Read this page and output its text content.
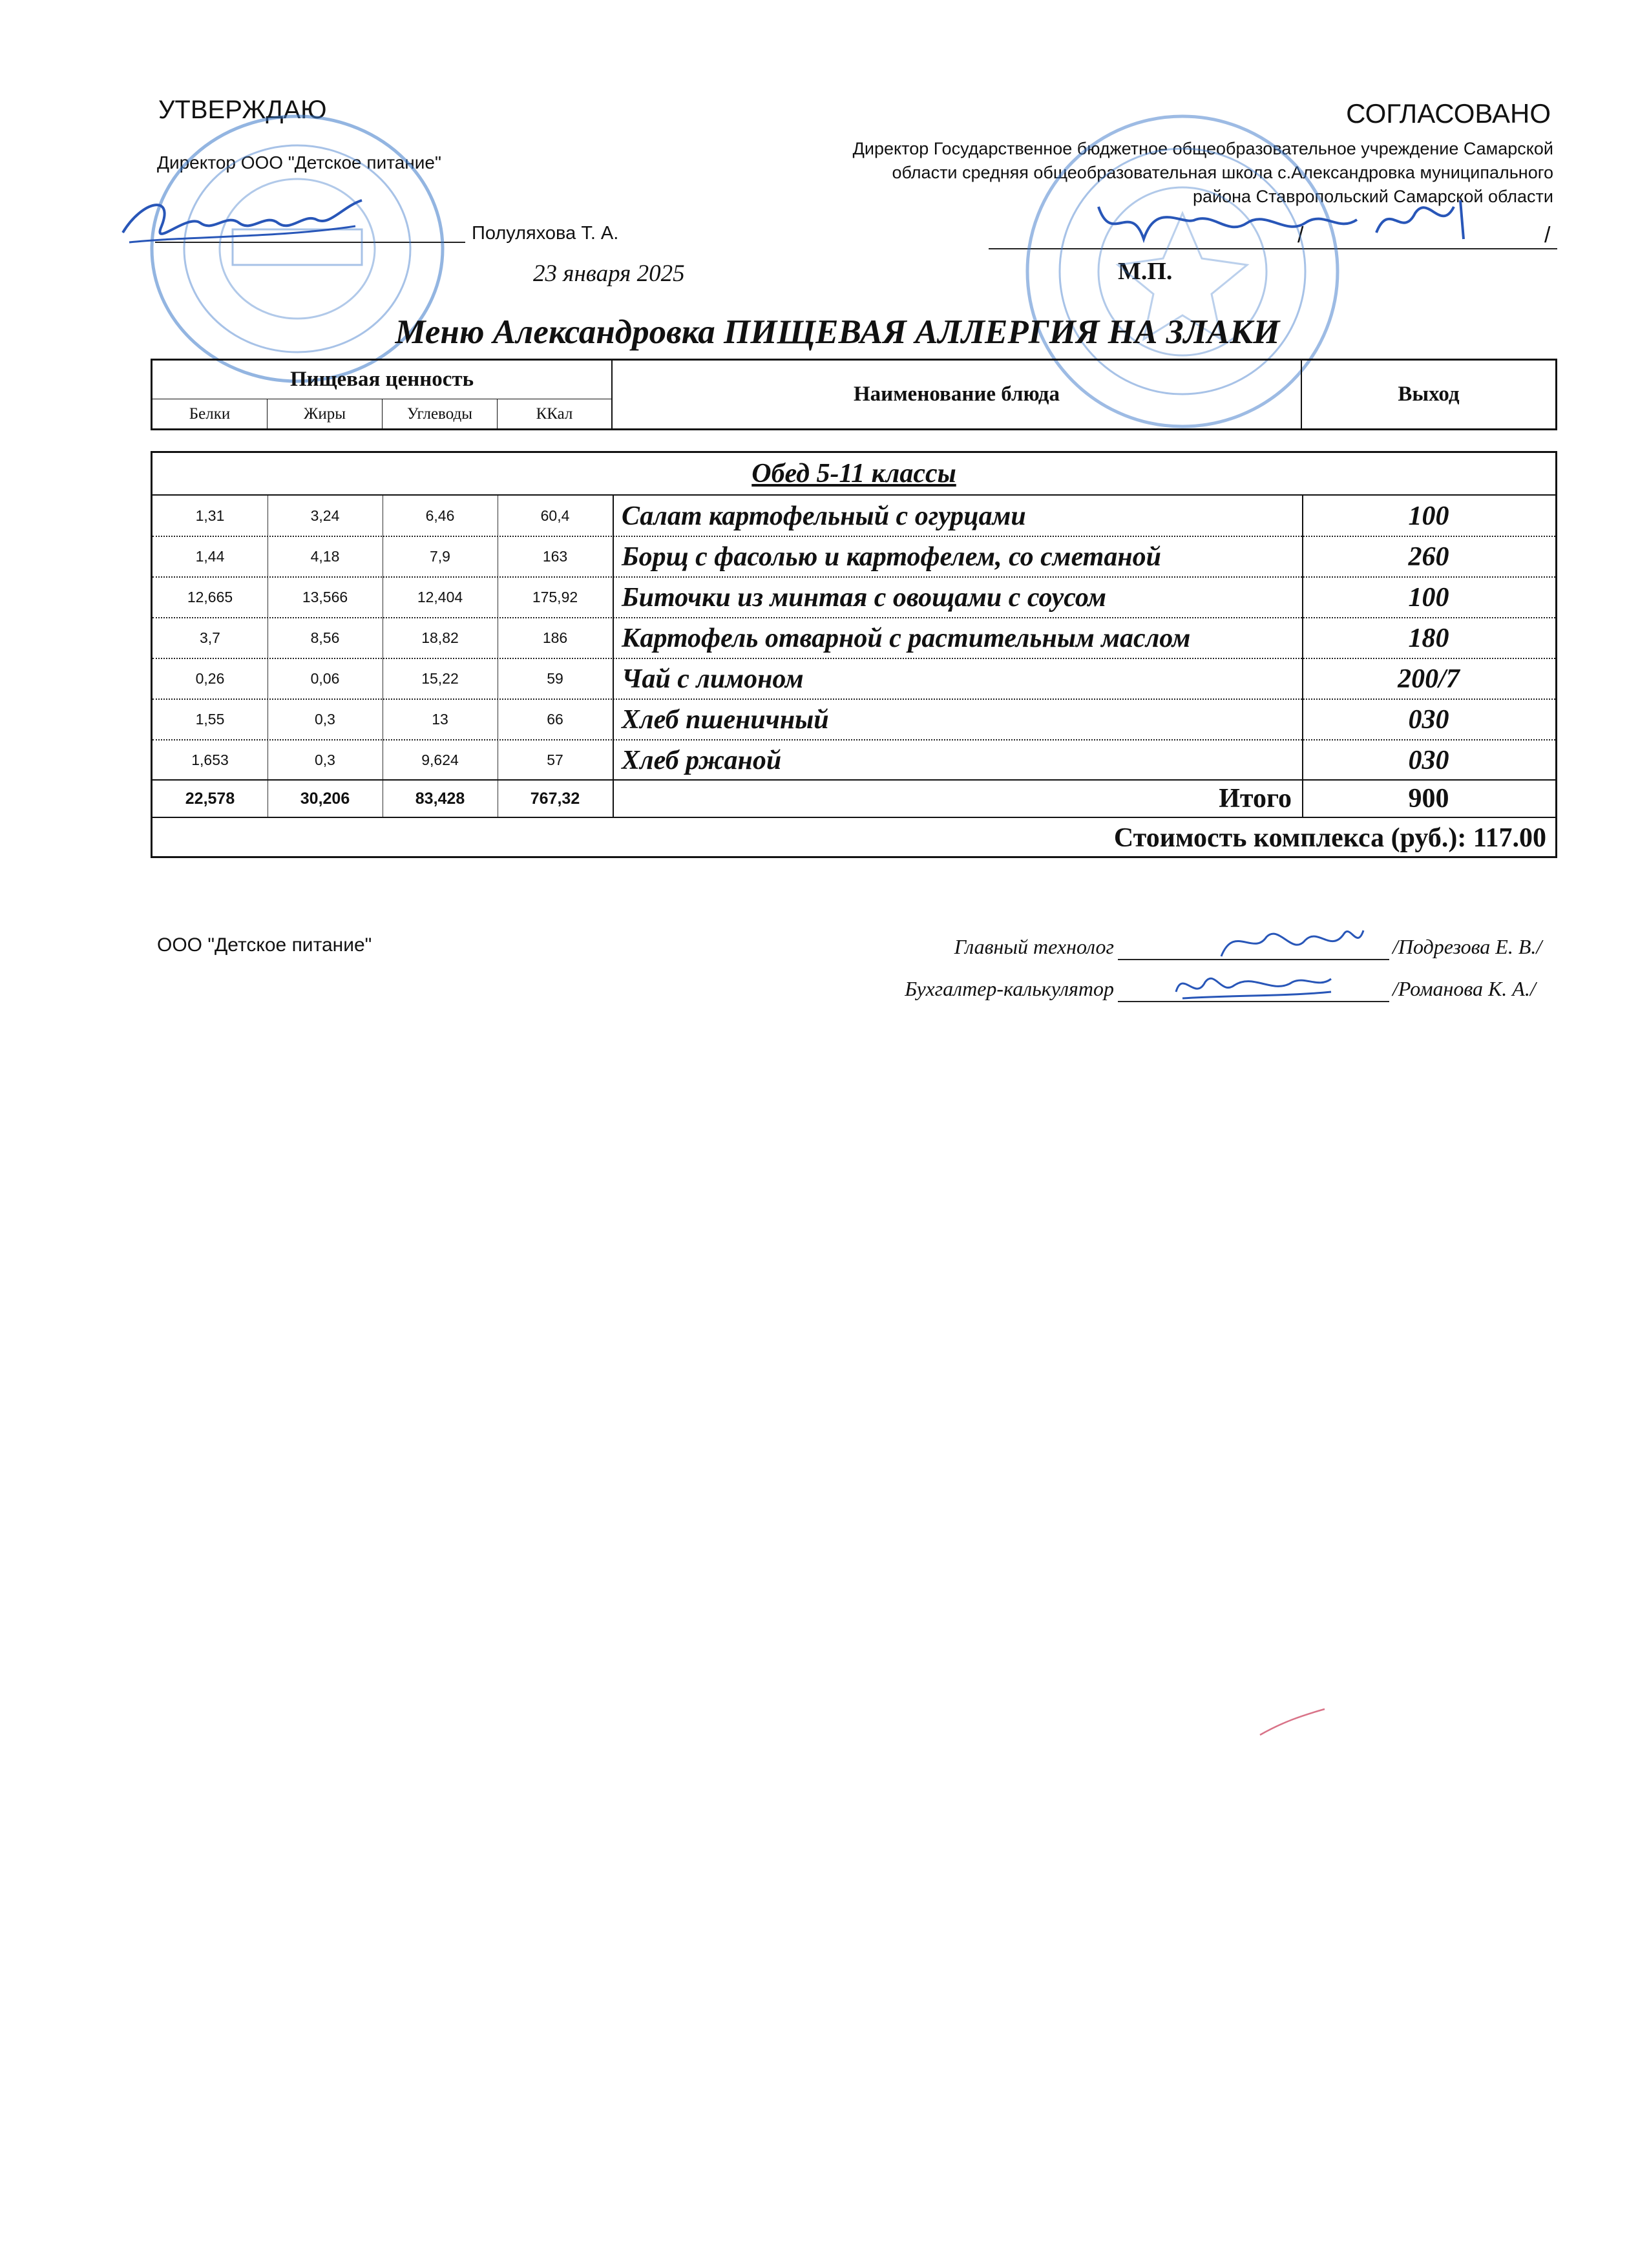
УТВЕРЖДАЮ
Директор ООО "Детское питание"
Полуляхова Т. А.
23 января 2025
СОГЛАСОВАНО
Директор Государственное бюджетное общеобразовательное учреждение Самарской
области средняя общеобразовательная школа с.Александровка муниципального
района Ставропольский Самарской области
/	/
М.П.
Меню Александровка ПИЩЕВАЯ АЛЛЕРГИЯ НА ЗЛАКИ
Пищевая ценность
Белки	Жиры	Углеводы	ККал
Наименование блюда	Выход
Обед 5-11 классы
1,31	3,24	6,46	60,4	Салат картофельный с огурцами	100
1,44	4,18	7,9	163	Борщ с фасолью и картофелем, со сметаной	260
12,665	13,566	12,404	175,92	Биточки из минтая с овощами с соусом	100
3,7	8,56	18,82	186	Картофель отварной с растительным маслом	180
0,26	0,06	15,22	59	Чай с лимоном	200/7
1,55	0,3	13	66	Хлеб пшеничный	030
1,653	0,3	9,624	57	Хлеб ржаной	030
22,578	30,206	83,428	767,32	Итого	900
Стоимость комплекса (руб.): 117.00
ООО "Детское питание"	Главный технолог	/Подрезова Е. В./
Бухгалтер-калькулятор	/Романова К. А./
